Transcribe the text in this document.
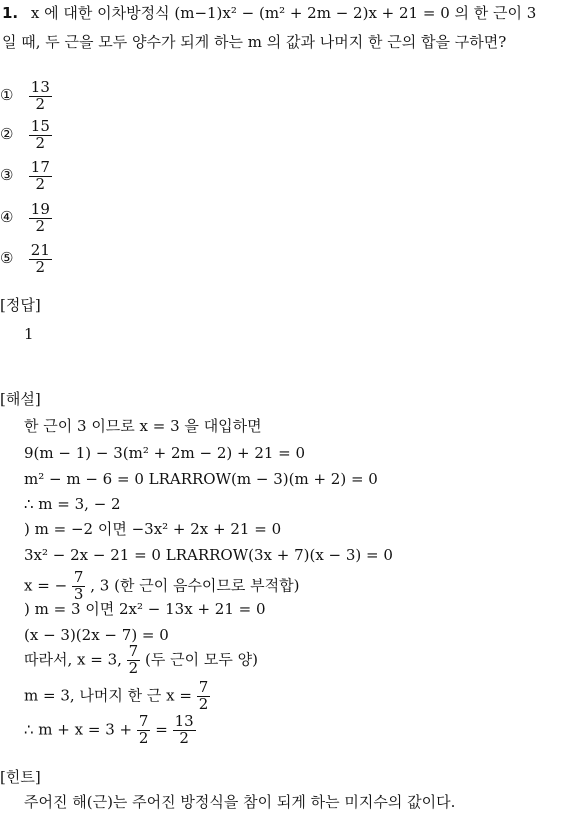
1. x 에 대한 이차방정식 (m−1)x² − (m² + 2m − 2)x + 21 = 0 의 한 근이 3
일 때, 두 근을 모두 양수가 되게 하는 m 의 값과 나머지 한 근의 합을 구하면?
① $\frac{13}{2}$
② $\frac{15}{2}$
③ $\frac{17}{2}$
④ $\frac{19}{2}$
⑤ $\frac{21}{2}$
[정답]
1
[해설]
한 근이 3 이므로 x = 3 을 대입하면
9(m − 1) − 3(m² + 2m − 2) + 21 = 0
m² − m − 6 = 0 LRARROW(m − 3)(m + 2) = 0
∴ m = 3, − 2
) m = −2 이면 −3x² + 2x + 21 = 0
3x² − 2x − 21 = 0 LRARROW(3x + 7)(x − 3) = 0
x = − $\frac{7}{3}$ , 3 (한 근이 음수이므로 부적합)
) m = 3 이면 2x² − 13x + 21 = 0
(x − 3)(2x − 7) = 0
따라서, x = 3, $\frac{7}{2}$ (두 근이 모두 양)
m = 3, 나머지 한 근 $x = \frac{7}{2}$
∴ $m + x = 3 + \frac{7}{2} = \frac{13}{2}$
[힌트]
주어진 해(근)는 주어진 방정식을 참이 되게 하는 미지수의 값이다.
